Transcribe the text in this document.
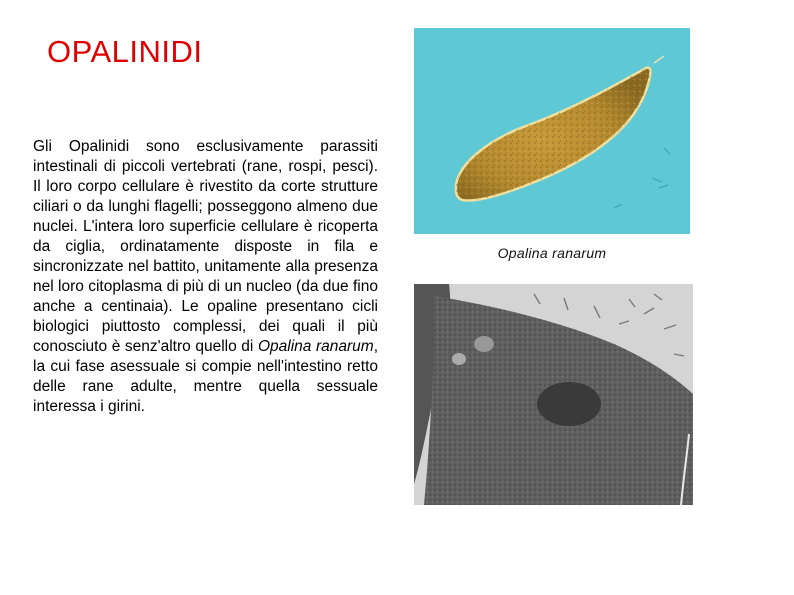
OPALINIDI

Gli Opalinidi sono esclusivamente parassiti intestinali di piccoli vertebrati (rane, rospi, pesci). Il loro corpo cellulare è rivestito da corte strutture ciliari o da lunghi flagelli; posseggono almeno due nuclei. L'intera loro superficie cellulare è ricoperta da ciglia, ordinatamente disposte in fila e sincronizzate nel battito, unitamente alla presenza nel loro citoplasma di più di un nucleo (da due fino anche a centinaia). Le opaline presentano cicli biologici piuttosto complessi, dei quali il più conosciuto è senz'altro quello di Opalina ranarum, la cui fase asessuale si compie nell'intestino retto delle rane adulte, mentre quella sessuale interessa i girini.

Opalina ranarum
